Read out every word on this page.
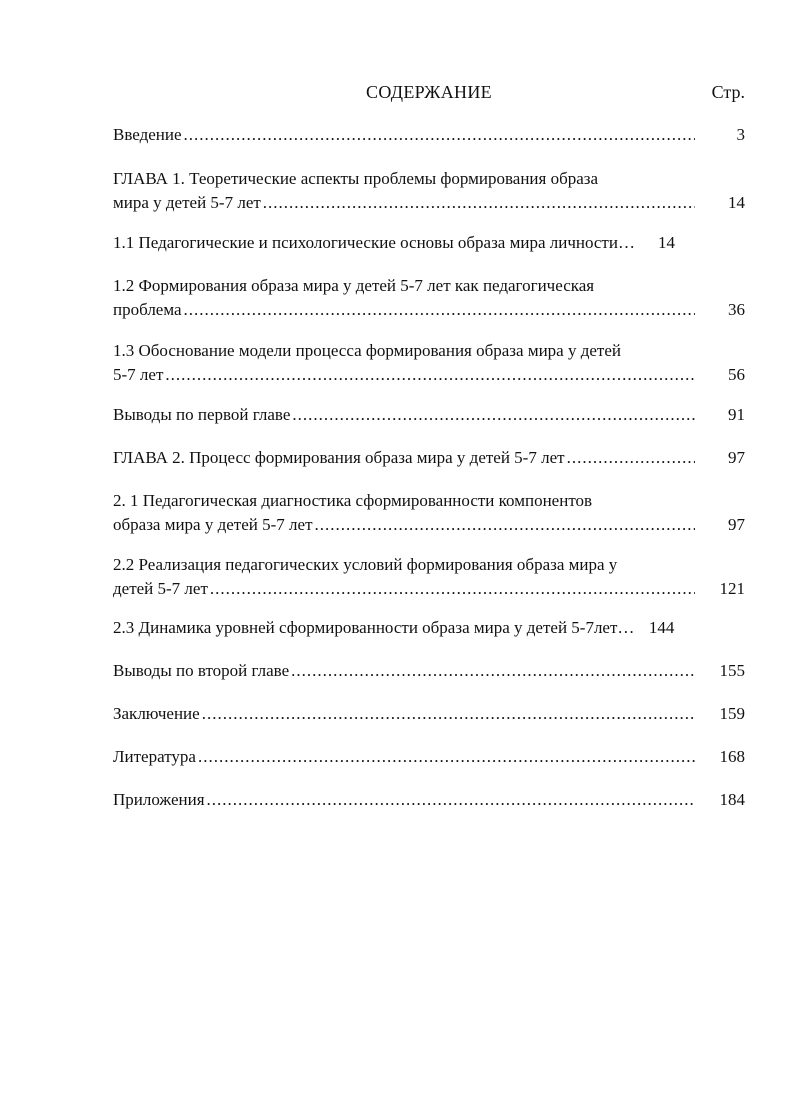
СОДЕРЖАНИЕ	Стр.
Введение .....	3
ГЛАВА 1. Теоретические аспекты проблемы формирования образа
мира у детей 5-7 лет .....	14
1.1 Педагогические и психологические основы образа мира личности…	14
1.2 Формирования образа мира у детей 5-7 лет как педагогическая
проблема .....	36
1.3 Обоснование модели процесса формирования образа мира у детей
5-7 лет .....	56
Выводы по первой главе .....	91
ГЛАВА 2. Процесс формирования образа мира у детей 5-7 лет .....	97
2. 1 Педагогическая диагностика сформированности компонентов
образа мира у детей 5-7 лет .....	97
2.2 Реализация педагогических условий формирования образа мира у
детей 5-7 лет .....	121
2.3 Динамика уровней сформированности образа мира у детей 5-7лет… 144
Выводы по второй главе .....	155
Заключение .....	159
Литература .....	168
Приложения .....	184
